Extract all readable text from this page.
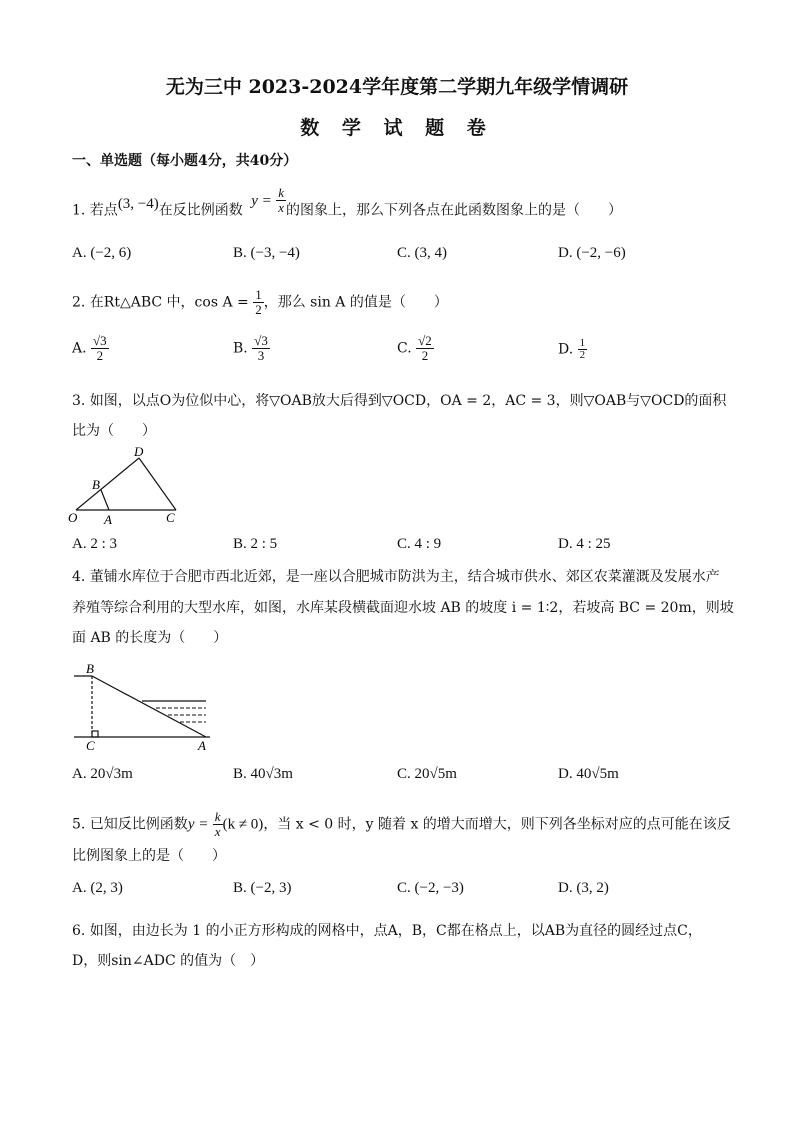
无为三中 2023-2024学年度第二学期九年级学情调研
数 学 试 题 卷
一、单选题（每小题4分，共40分）
1. 若点(3, −4)在反比例函数 $y = \frac{k}{x}$ 的图象上，那么下列各点在此函数图象上的是（　　）
A. (−2, 6)	B. (−3, −4)	C. (3, 4)	D. (−2, −6)
2. 在Rt△ABC 中，$\cos A = \frac{1}{2}$ ，那么 sin A 的值是（　　）
A. $\frac{√3}{2}$	B. $\frac{√3}{3}$	C. $\frac{√2}{2}$	D. $\frac{1}{2}$
3. 如图，以点O为位似中心，将▽OAB放大后得到▽OCD，OA = 2，AC = 3，则▽OAB与▽OCD的面积
比为（　　）
D
B
O A	C
A. 2 : 3	B. 2 : 5	C. 4 : 9	D. 4 : 25
4. 董铺水库位于合肥市西北近郊，是一座以合肥城市防洪为主，结合城市供水、郊区农菜灌溉及发展水产
养殖等综合利用的大型水库，如图，水库某段横截面迎水坡 AB 的坡度 i = 1∶2，若坡高 BC = 20m，则坡
面 AB 的长度为（　　）
B
C	A
A. 20√3m	B. 40√3m	C. 20√5m	D. 40√5m
5. 已知反比例函数$y = \frac{k}{x} (k \ne 0)$，当 x < 0 时，y 随着 x 的增大而增大，则下列各坐标对应的点可能在该反
比例图象上的是（　　）
A. (2, 3)	B. (−2, 3)	C. (−2, −3)	D. (3, 2)
6. 如图，由边长为 1 的小正方形构成的网格中，点A，B，C都在格点上，以AB为直径的圆经过点C，
D，则sin∠ADC 的值为（　）
